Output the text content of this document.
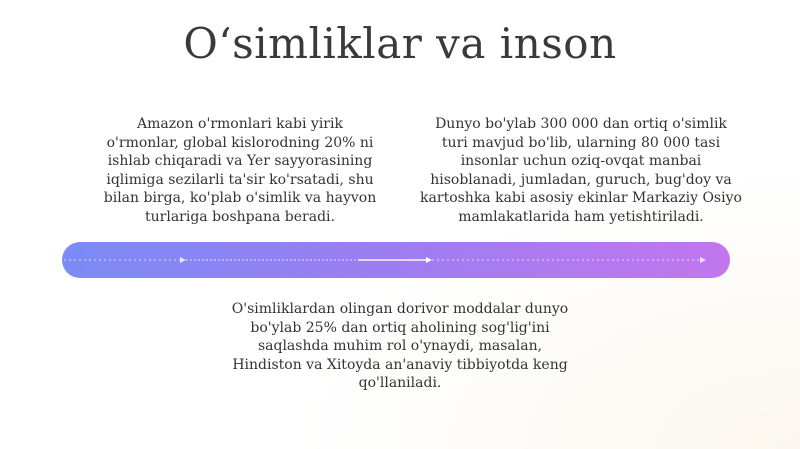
O‘simliklar va inson
Amazon o'rmonlari kabi yirik o'rmonlar, global kislorodning 20% ni ishlab chiqaradi va Yer sayyorasining iqlimiga sezilarli ta'sir ko'rsatadi, shu bilan birga, ko'plab o'simlik va hayvon turlariga boshpana beradi.
Dunyo bo'ylab 300 000 dan ortiq o'simlik turi mavjud bo'lib, ularning 80 000 tasi insonlar uchun oziq-ovqat manbai hisoblanadi, jumladan, guruch, bug'doy va kartoshka kabi asosiy ekinlar Markaziy Osiyo mamlakatlarida ham yetishtiriladi.
O'simliklardan olingan dorivor moddalar dunyo bo'ylab 25% dan ortiq aholining sog'lig'ini saqlashda muhim rol o'ynaydi, masalan, Hindiston va Xitoyda an'anaviy tibbiyotda keng qo'llaniladi.
